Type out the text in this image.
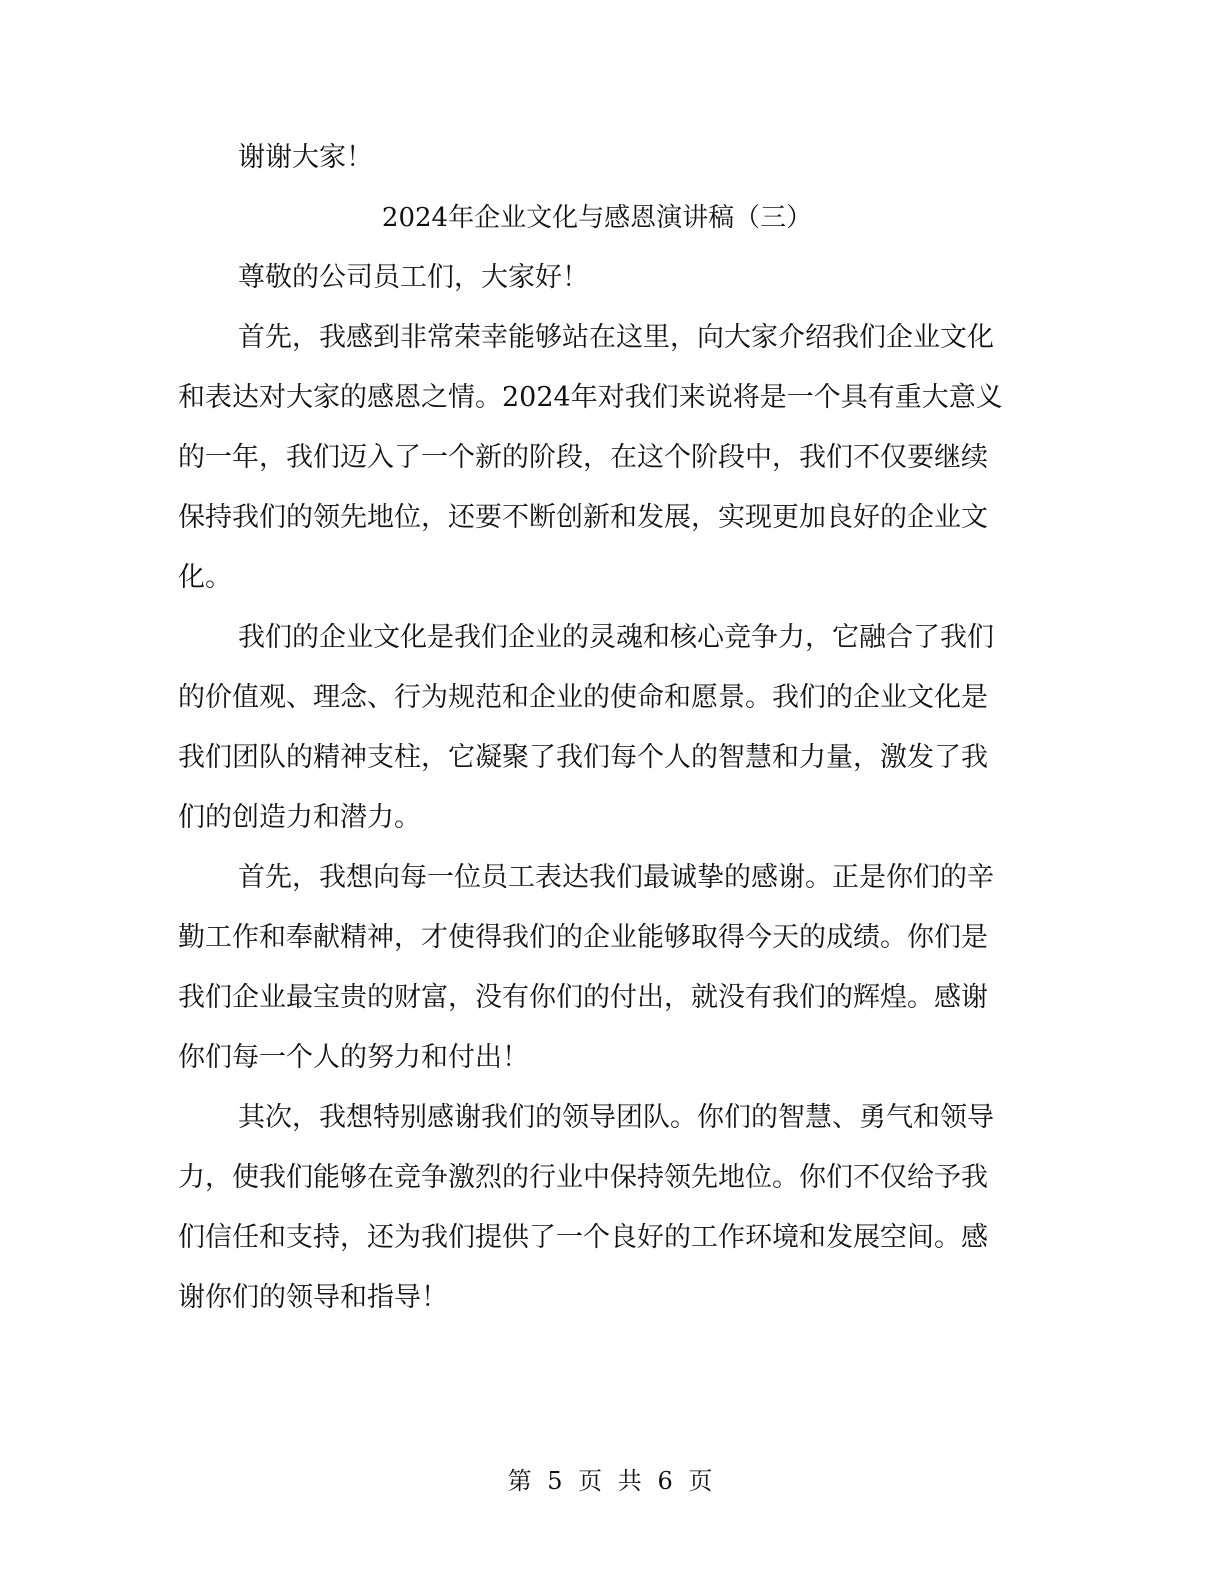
谢谢大家！

2024年企业文化与感恩演讲稿（三）

尊敬的公司员工们，大家好！

首先，我感到非常荣幸能够站在这里，向大家介绍我们企业文化

和表达对大家的感恩之情。2024年对我们来说将是一个具有重大意义

的一年，我们迈入了一个新的阶段，在这个阶段中，我们不仅要继续

保持我们的领先地位，还要不断创新和发展，实现更加良好的企业文

化。

我们的企业文化是我们企业的灵魂和核心竞争力，它融合了我们

的价值观、理念、行为规范和企业的使命和愿景。我们的企业文化是

我们团队的精神支柱，它凝聚了我们每个人的智慧和力量，激发了我

们的创造力和潜力。

首先，我想向每一位员工表达我们最诚挚的感谢。正是你们的辛

勤工作和奉献精神，才使得我们的企业能够取得今天的成绩。你们是

我们企业最宝贵的财富，没有你们的付出，就没有我们的辉煌。感谢

你们每一个人的努力和付出！

其次，我想特别感谢我们的领导团队。你们的智慧、勇气和领导

力，使我们能够在竞争激烈的行业中保持领先地位。你们不仅给予我

们信任和支持，还为我们提供了一个良好的工作环境和发展空间。感

谢你们的领导和指导！

第 5 页 共 6 页
